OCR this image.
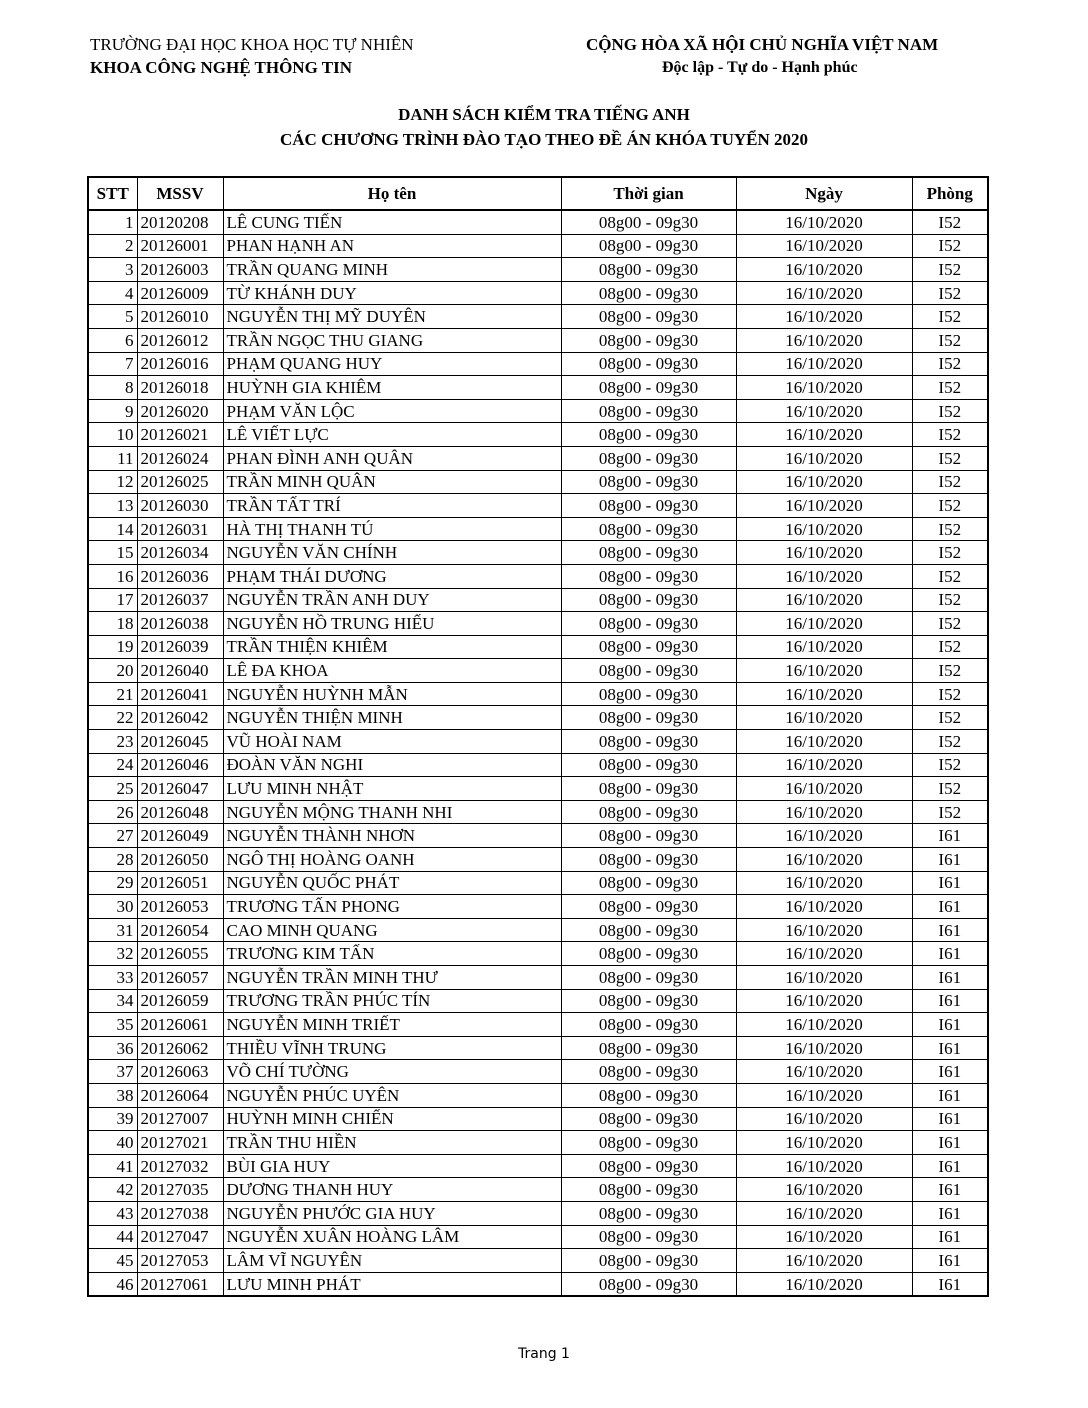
TRƯỜNG ĐẠI HỌC KHOA HỌC TỰ NHIÊN
KHOA CÔNG NGHỆ THÔNG TIN
CỘNG HÒA XÃ HỘI CHỦ NGHĨA VIỆT NAM
Độc lập - Tự do - Hạnh phúc
DANH SÁCH KIỂM TRA TIẾNG ANH
CÁC CHƯƠNG TRÌNH ĐÀO TẠO THEO ĐỀ ÁN KHÓA TUYỂN 2020
STT	MSSV	Họ tên	Thời gian	Ngày	Phòng
1	20120208	LÊ CUNG TIẾN	08g00 - 09g30	16/10/2020	I52
2	20126001	PHAN HẠNH AN	08g00 - 09g30	16/10/2020	I52
3	20126003	TRẦN QUANG MINH	08g00 - 09g30	16/10/2020	I52
4	20126009	TỪ KHÁNH DUY	08g00 - 09g30	16/10/2020	I52
5	20126010	NGUYỄN THỊ MỸ DUYÊN	08g00 - 09g30	16/10/2020	I52
6	20126012	TRẦN NGỌC THU GIANG	08g00 - 09g30	16/10/2020	I52
7	20126016	PHẠM QUANG HUY	08g00 - 09g30	16/10/2020	I52
8	20126018	HUỲNH GIA KHIÊM	08g00 - 09g30	16/10/2020	I52
9	20126020	PHẠM VĂN LỘC	08g00 - 09g30	16/10/2020	I52
10	20126021	LÊ VIẾT LỰC	08g00 - 09g30	16/10/2020	I52
11	20126024	PHAN ĐÌNH ANH QUÂN	08g00 - 09g30	16/10/2020	I52
12	20126025	TRẦN MINH QUÂN	08g00 - 09g30	16/10/2020	I52
13	20126030	TRẦN TẤT TRÍ	08g00 - 09g30	16/10/2020	I52
14	20126031	HÀ THỊ THANH TÚ	08g00 - 09g30	16/10/2020	I52
15	20126034	NGUYỄN VĂN CHÍNH	08g00 - 09g30	16/10/2020	I52
16	20126036	PHẠM THÁI DƯƠNG	08g00 - 09g30	16/10/2020	I52
17	20126037	NGUYỄN TRẦN ANH DUY	08g00 - 09g30	16/10/2020	I52
18	20126038	NGUYỄN HỒ TRUNG HIẾU	08g00 - 09g30	16/10/2020	I52
19	20126039	TRẦN THIỆN KHIÊM	08g00 - 09g30	16/10/2020	I52
20	20126040	LÊ ĐA KHOA	08g00 - 09g30	16/10/2020	I52
21	20126041	NGUYỄN HUỲNH MẪN	08g00 - 09g30	16/10/2020	I52
22	20126042	NGUYỄN THIỆN MINH	08g00 - 09g30	16/10/2020	I52
23	20126045	VŨ HOÀI NAM	08g00 - 09g30	16/10/2020	I52
24	20126046	ĐOÀN VĂN NGHI	08g00 - 09g30	16/10/2020	I52
25	20126047	LƯU MINH NHẬT	08g00 - 09g30	16/10/2020	I52
26	20126048	NGUYỄN MỘNG THANH NHI	08g00 - 09g30	16/10/2020	I52
27	20126049	NGUYỄN THÀNH NHƠN	08g00 - 09g30	16/10/2020	I61
28	20126050	NGÔ THỊ HOÀNG OANH	08g00 - 09g30	16/10/2020	I61
29	20126051	NGUYỄN QUỐC PHÁT	08g00 - 09g30	16/10/2020	I61
30	20126053	TRƯƠNG TẤN PHONG	08g00 - 09g30	16/10/2020	I61
31	20126054	CAO MINH QUANG	08g00 - 09g30	16/10/2020	I61
32	20126055	TRƯƠNG KIM TẤN	08g00 - 09g30	16/10/2020	I61
33	20126057	NGUYỄN TRẦN MINH THƯ	08g00 - 09g30	16/10/2020	I61
34	20126059	TRƯƠNG TRẦN PHÚC TÍN	08g00 - 09g30	16/10/2020	I61
35	20126061	NGUYỄN MINH TRIẾT	08g00 - 09g30	16/10/2020	I61
36	20126062	THIỀU VĨNH TRUNG	08g00 - 09g30	16/10/2020	I61
37	20126063	VÕ CHÍ TƯỜNG	08g00 - 09g30	16/10/2020	I61
38	20126064	NGUYỄN PHÚC UYÊN	08g00 - 09g30	16/10/2020	I61
39	20127007	HUỲNH MINH CHIẾN	08g00 - 09g30	16/10/2020	I61
40	20127021	TRẦN THU HIỀN	08g00 - 09g30	16/10/2020	I61
41	20127032	BÙI GIA HUY	08g00 - 09g30	16/10/2020	I61
42	20127035	DƯƠNG THANH HUY	08g00 - 09g30	16/10/2020	I61
43	20127038	NGUYỄN PHƯỚC GIA HUY	08g00 - 09g30	16/10/2020	I61
44	20127047	NGUYỄN XUÂN HOÀNG LÂM	08g00 - 09g30	16/10/2020	I61
45	20127053	LÂM VĨ NGUYÊN	08g00 - 09g30	16/10/2020	I61
46	20127061	LƯU MINH PHÁT	08g00 - 09g30	16/10/2020	I61
Trang 1
